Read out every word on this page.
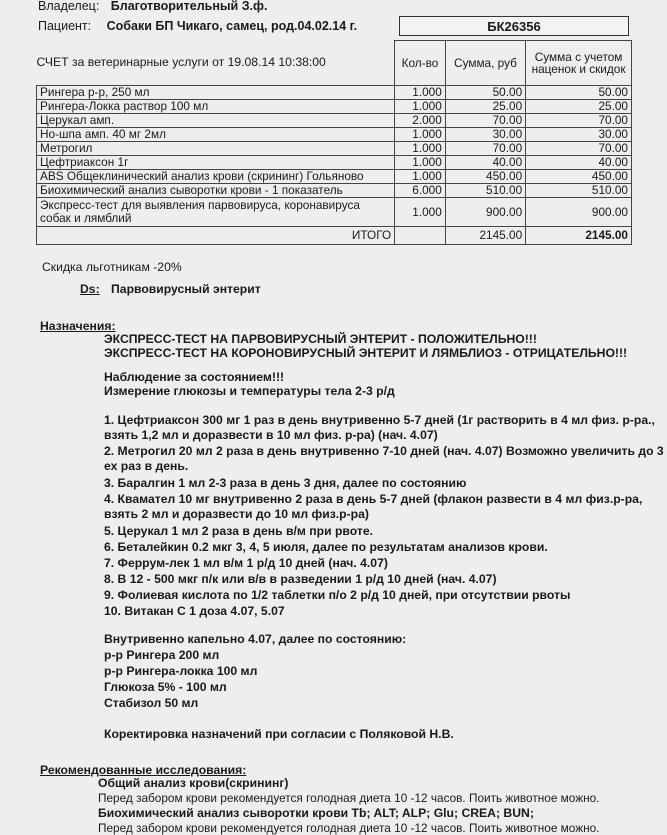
Владелец: Благотворительный З.ф.
Пациент: Собаки БП Чикаго, самец, род.04.02.14 г.	БК26356
СЧЕТ за ветеринарные услуги от 19.08.14 10:38:00	Кол-во	Сумма, руб	Сумма с учетом наценок и скидок
Рингера р-р, 250 мл	1.000	50.00	50.00
Рингера-Локка раствор 100 мл	1.000	25.00	25.00
Церукал амп.	2.000	70.00	70.00
Но-шпа амп. 40 мг 2мл	1.000	30.00	30.00
Метрогил	1.000	70.00	70.00
Цефтриаксон 1г	1.000	40.00	40.00
ABS Общеклинический анализ крови (скрининг) Гольяново	1.000	450.00	450.00
Биохимический анализ сыворотки крови - 1 показатель	6.000	510.00	510.00
Экспресс-тест для выявления парвовируса, коронавируса собак и лямблий	1.000	900.00	900.00
ИТОГО		2145.00	2145.00
Скидка льготникам -20%
Ds: Парвовирусный энтерит
Назначения:
ЭКСПРЕСС-ТЕСТ НА ПАРВОВИРУСНЫЙ ЭНТЕРИТ - ПОЛОЖИТЕЛЬНО!!!
ЭКСПРЕСС-ТЕСТ НА КОРОНОВИРУСНЫЙ ЭНТЕРИТ И ЛЯМБЛИОЗ - ОТРИЦАТЕЛЬНО!!!
Наблюдение за состоянием!!!
Измерение глюкозы и температуры тела 2-3 р/д
1. Цефтриаксон 300 мг 1 раз в день внутривенно 5-7 дней (1г растворить в 4 мл физ. р-ра.,
взять 1,2 мл и доразвести в 10 мл физ. р-ра) (нач. 4.07)
2. Метрогил 20 мл 2 раза в день внутривенно 7-10 дней (нач. 4.07) Возможно увеличить до 3
ех раз в день.
3. Баралгин 1 мл 2-3 раза в день 3 дня, далее по состоянию
4. Квамател 10 мг внутривенно 2 раза в день 5-7 дней (флакон развести в 4 мл физ.р-ра,
взять 2 мл и доразвести до 10 мл физ.р-ра)
5. Церукал 1 мл 2 раза в день в/м при рвоте.
6. Беталейкин 0.2 мкг 3, 4, 5 июля, далее по результатам анализов крови.
7. Феррум-лек 1 мл в/м 1 р/д 10 дней (нач. 4.07)
8. В 12 - 500 мкг п/к или в/в в разведении 1 р/д 10 дней (нач. 4.07)
9. Фолиевая кислота по 1/2 таблетки п/о 2 р/д 10 дней, при отсутствии рвоты
10. Витакан С 1 доза 4.07, 5.07
Внутривенно капельно 4.07, далее по состоянию:
р-р Рингера 200 мл
р-р Рингера-локка 100 мл
Глюкоза 5% - 100 мл
Стабизол 50 мл
Коректировка назначений при согласии с Поляковой Н.В.
Рекомендованные исследования:
Общий анализ крови(скрининг)
Перед забором крови рекомендуется голодная диета 10 -12 часов. Поить животное можно.
Биохимический анализ сыворотки крови Tb; ALT; ALP; Glu; CREA; BUN;
Перед забором крови рекомендуется голодная диета 10 -12 часов. Поить животное можно.
